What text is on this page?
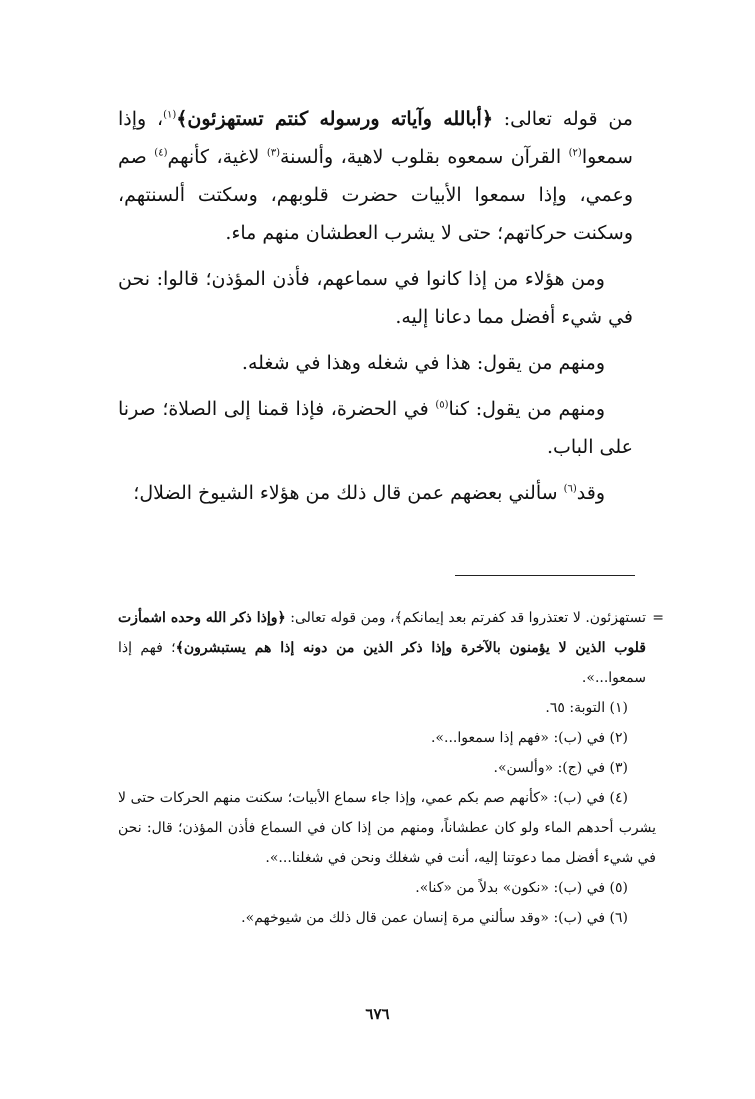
من قوله تعالى: ﴿أبالله وآياته ورسوله كنتم تستهزئون﴾$^{(١)}$، وإذا سمعوا$^{(٢)}$ القرآن سمعوه بقلوب لاهية، وألسنة$^{(٣)}$ لاغية، كأنهم$^{(٤)}$ صم وعمي، وإذا سمعوا الأبيات حضرت قلوبهم، وسكتت ألسنتهم، وسكنت حركاتهم؛ حتى لا يشرب العطشان منهم ماء.

ومن هؤلاء من إذا كانوا في سماعهم، فأذن المؤذن؛ قالوا: نحن في شيء أفضل مما دعانا إليه.

ومنهم من يقول: هذا في شغله وهذا في شغله.

ومنهم من يقول: كنا$^{(٥)}$ في الحضرة، فإذا قمنا إلى الصلاة؛ صرنا على الباب.

وقد$^{(٦)}$ سألني بعضهم عمن قال ذلك من هؤلاء الشيوخ الضلال؛

=
تستهزئون. لا تعتذروا قد كفرتم بعد إيمانكم﴾، ومن قوله تعالى: ﴿وإذا ذكر الله وحده اشمأزت قلوب الذين لا يؤمنون بالآخرة وإذا ذكر الذين من دونه إذا هم يستبشرون﴾؛ فهم إذا سمعوا...».

(١) التوبة: ٦٥.

(٢) في (ب): «فهم إذا سمعوا...».

(٣) في (ج): «وألسن».

(٤) في (ب): «كأنهم صم بكم عمي، وإذا جاء سماع الأبيات؛ سكنت منهم الحركات حتى لا يشرب أحدهم الماء ولو كان عطشاناً، ومنهم من إذا كان في السماع فأذن المؤذن؛ قال: نحن في شيء أفضل مما دعوتنا إليه، أنت في شغلك ونحن في شغلنا...».

(٥) في (ب): «نكون» بدلاً من «كنا».

(٦) في (ب): «وقد سألني مرة إنسان عمن قال ذلك من شيوخهم».

٦٧٦
